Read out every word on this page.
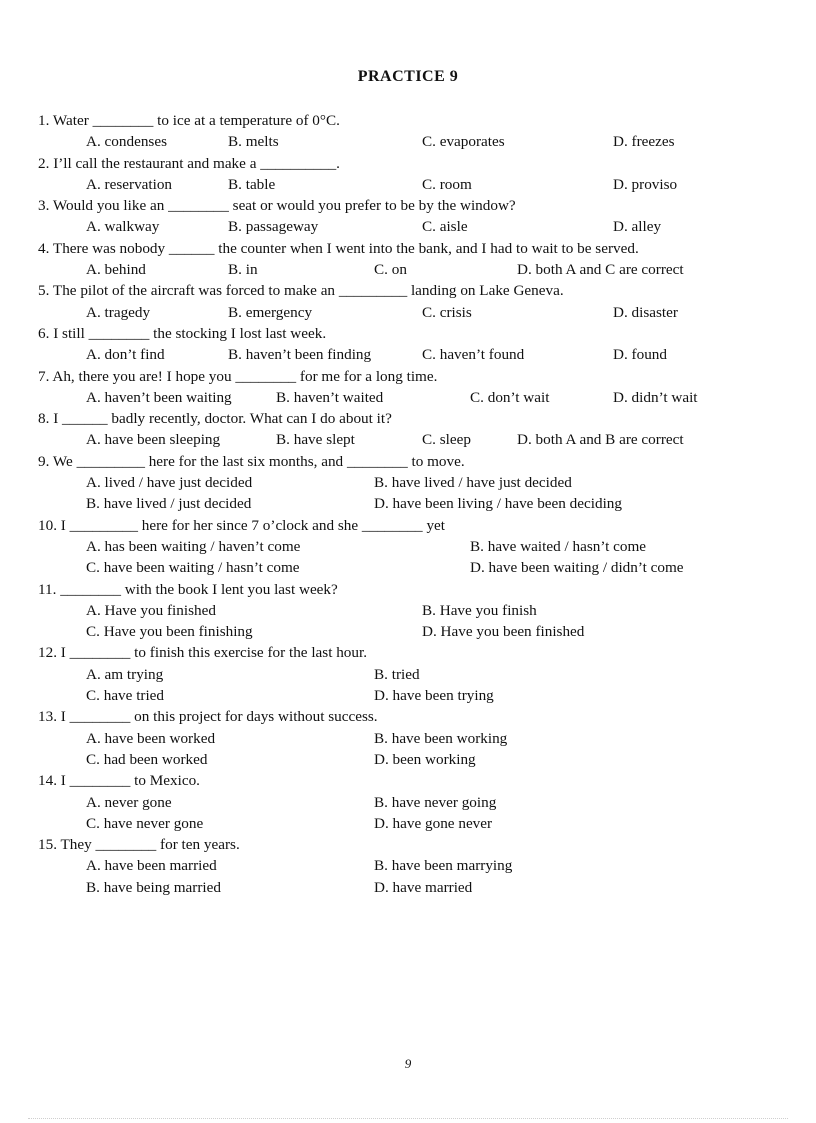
PRACTICE 9
1. Water ________ to ice at a temperature of 0°C.
A. condenses	B. melts	C. evaporates	D. freezes
2. I’ll call the restaurant and make a __________.
A. reservation	B. table	C. room	D. proviso
3. Would you like an ________ seat or would you prefer to be by the window?
A. walkway	B. passageway	C. aisle	D. alley
4. There was nobody ______ the counter when I went into the bank, and I had to wait to be served.
A. behind	B. in	C. on	D. both A and C are correct
5. The pilot of the aircraft was forced to make an _________ landing on Lake Geneva.
A. tragedy	B. emergency	C. crisis	D. disaster
6. I still ________ the stocking I lost last week.
A. don’t find	B. haven’t been finding	C. haven’t found	D. found
7. Ah, there you are! I hope you ________ for me for a long time.
A. haven’t been waiting	B. haven’t waited	C. don’t wait	D. didn’t wait
8. I ______ badly recently, doctor. What can I do about it?
A. have been sleeping	B. have slept	C. sleep	D. both A and B are correct
9. We _________ here for the last six months, and ________ to move.
A. lived / have just decided	B. have lived / have just decided
B. have lived / just decided	D. have been living / have been deciding
10. I _________ here for her since 7 o’clock and she ________ yet
A. has been waiting / haven’t come	B. have waited / hasn’t come
C. have been waiting / hasn’t come	D. have been waiting / didn’t come
11. ________ with the book I lent you last week?
A. Have you finished	B. Have you finish
C. Have you been finishing	D. Have you been finished
12. I ________ to finish this exercise for the last hour.
A. am trying	B. tried
C. have tried	D. have been trying
13. I ________ on this project for days without success.
A. have been worked	B. have been working
C. had been worked	D. been working
14. I ________ to Mexico.
A. never gone	B. have never going
C. have never gone	D. have gone never
15. They ________ for ten years.
A. have been married	B. have been marrying
B. have being married	D. have married
9
